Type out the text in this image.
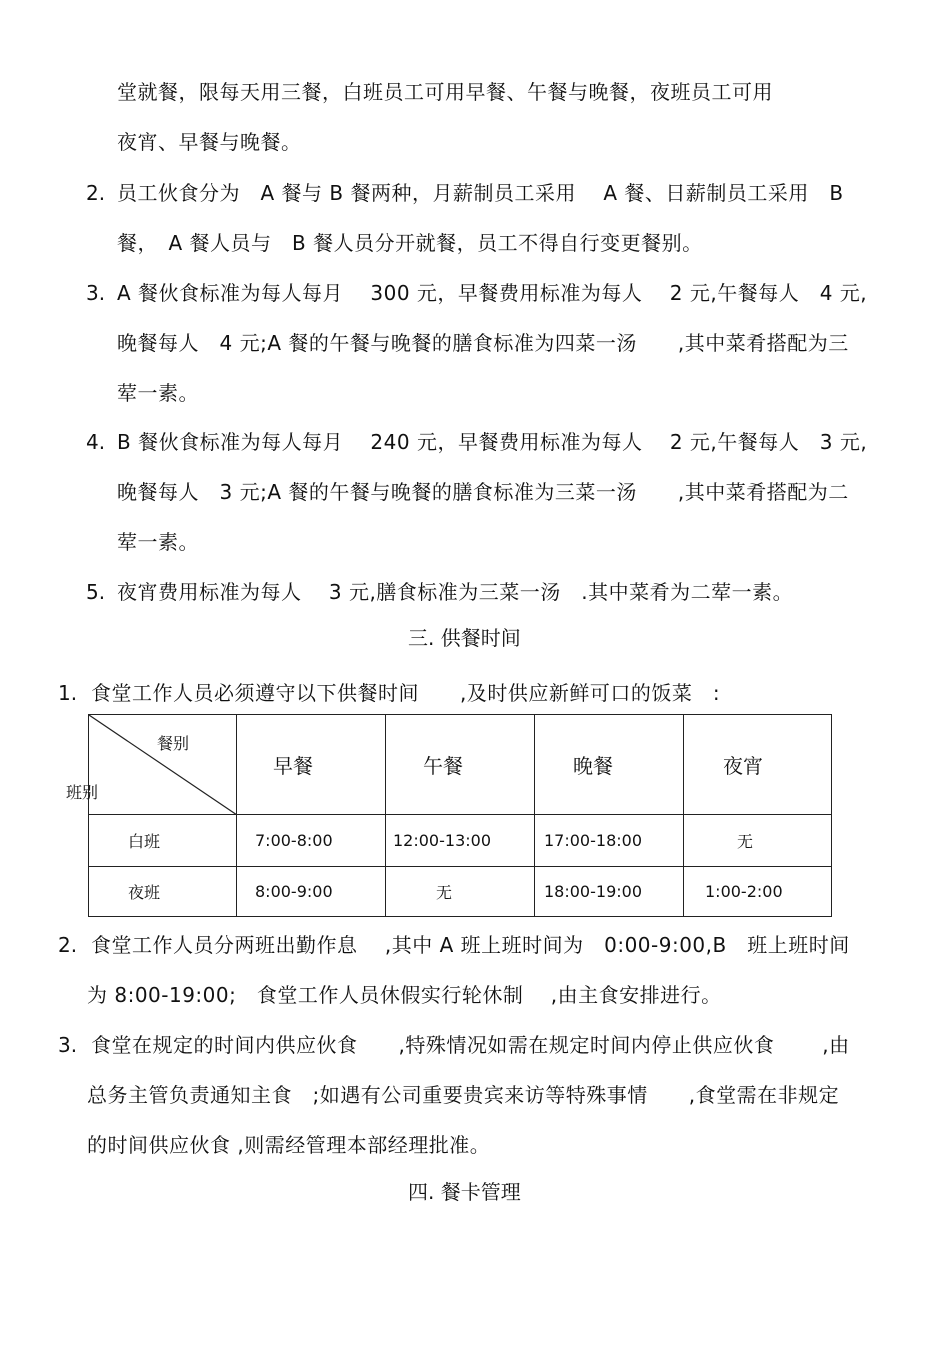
堂就餐，限每天用三餐，白班员工可用早餐、午餐与晚餐，夜班员工可用
夜宵、早餐与晚餐。
2. 员工伙食分为　A 餐与 B 餐两种，月薪制员工采用　 A 餐、日薪制员工采用　B
餐，　A 餐人员与　B 餐人员分开就餐，员工不得自行变更餐别。
3. A 餐伙食标准为每人每月　 300 元，早餐费用标准为每人　 2 元,午餐每人　4 元,
晚餐每人　4 元;A 餐的午餐与晚餐的膳食标准为四菜一汤　　,其中菜肴搭配为三
荤一素。
4. B 餐伙食标准为每人每月　 240 元，早餐费用标准为每人　 2 元,午餐每人　3 元,
晚餐每人　3 元;A 餐的午餐与晚餐的膳食标准为三菜一汤　　,其中菜肴搭配为二
荤一素。
5. 夜宵费用标准为每人　 3 元,膳食标准为三菜一汤　.其中菜肴为二荤一素。
三. 供餐时间
1. 食堂工作人员必须遵守以下供餐时间　　,及时供应新鲜可口的饭菜　:
餐别	早餐	午餐	晚餐	夜宵
白班	7:00-8:00	12:00-13:00	17:00-18:00	无
夜班	8:00-9:00	无	18:00-19:00	1:00-2:00
班别
2. 食堂工作人员分两班出勤作息　 ,其中 A 班上班时间为　0:00-9:00,B　班上班时间
为 8:00-19:00;　食堂工作人员休假实行轮休制　 ,由主食安排进行。
3. 食堂在规定的时间内供应伙食　　,特殊情况如需在规定时间内停止供应伙食　　 ,由
总务主管负责通知主食　;如遇有公司重要贵宾来访等特殊事情　　,食堂需在非规定
的时间供应伙食 ,则需经管理本部经理批准。
四. 餐卡管理
